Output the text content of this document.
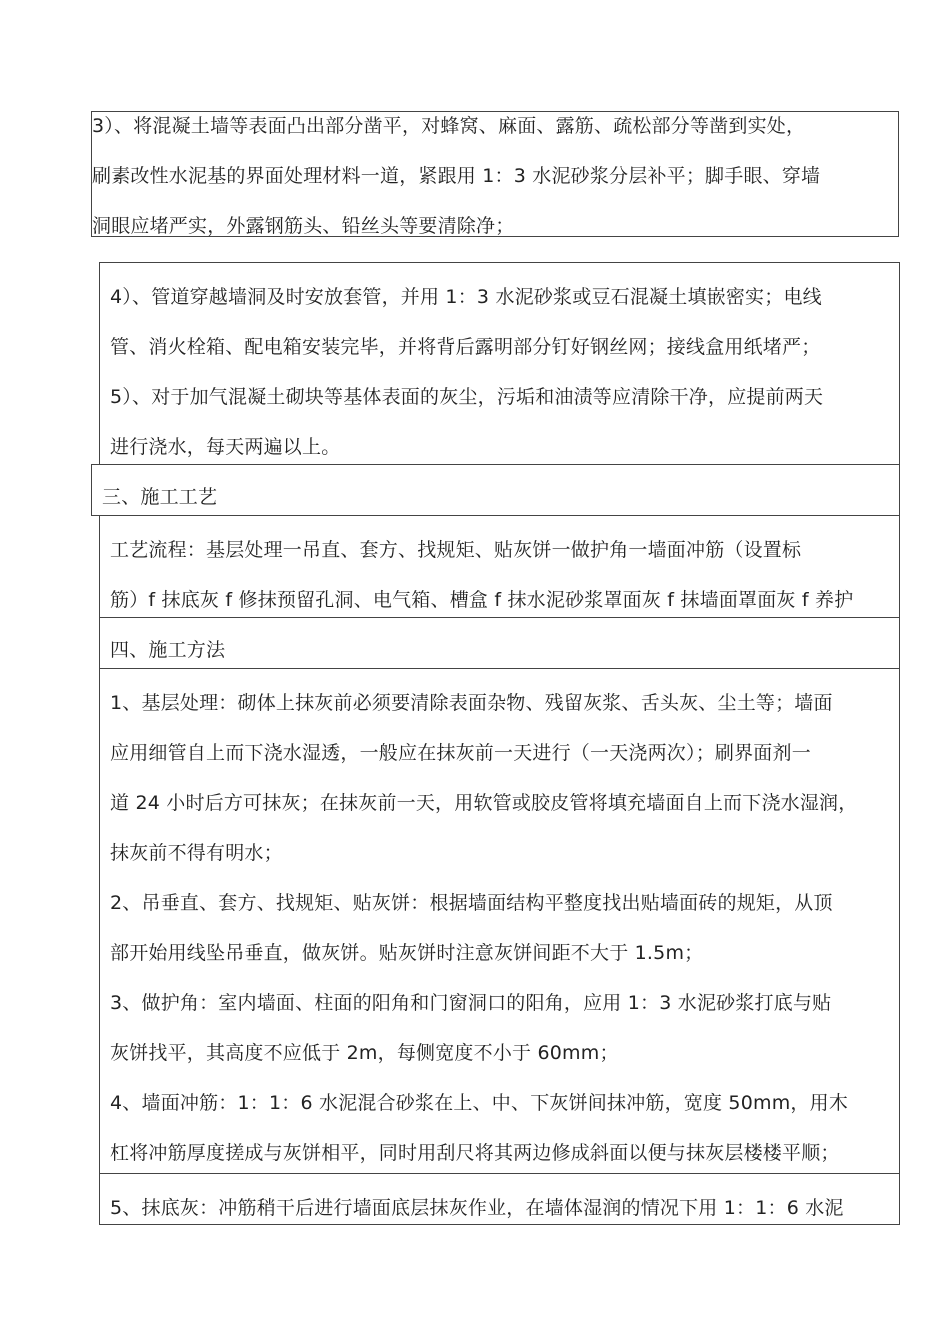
3）、将混凝土墙等表面凸出部分凿平，对蜂窝、麻面、露筋、疏松部分等凿到实处，
刷素改性水泥基的界面处理材料一道，紧跟用 1：3 水泥砂浆分层补平；脚手眼、穿墙
洞眼应堵严实，外露钢筋头、铅丝头等要清除净；
4）、管道穿越墙洞及时安放套管，并用 1：3 水泥砂浆或豆石混凝土填嵌密实；电线
管、消火栓箱、配电箱安装完毕，并将背后露明部分钉好钢丝网；接线盒用纸堵严；
5）、对于加气混凝土砌块等基体表面的灰尘，污垢和油渍等应清除干净，应提前两天
进行浇水，每天两遍以上。
三、施工工艺
工艺流程：基层处理一吊直、套方、找规矩、贴灰饼一做护角一墙面冲筋（设置标
筋）f 抹底灰 f 修抹预留孔洞、电气箱、槽盒 f 抹水泥砂浆罩面灰 f 抹墙面罩面灰 f 养护
四、施工方法
1、基层处理：砌体上抹灰前必须要清除表面杂物、残留灰浆、舌头灰、尘土等；墙面
应用细管自上而下浇水湿透，一般应在抹灰前一天进行（一天浇两次）；刷界面剂一
道 24 小时后方可抹灰；在抹灰前一天，用软管或胶皮管将填充墙面自上而下浇水湿润，
抹灰前不得有明水；
2、吊垂直、套方、找规矩、贴灰饼：根据墙面结构平整度找出贴墙面砖的规矩，从顶
部开始用线坠吊垂直，做灰饼。贴灰饼时注意灰饼间距不大于 1.5m；
3、做护角：室内墙面、柱面的阳角和门窗洞口的阳角，应用 1：3 水泥砂浆打底与贴
灰饼找平，其高度不应低于 2m，每侧宽度不小于 60mm；
4、墙面冲筋：1：1：6 水泥混合砂浆在上、中、下灰饼间抹冲筋，宽度 50mm，用木
杠将冲筋厚度搓成与灰饼相平，同时用刮尺将其两边修成斜面以便与抹灰层楼楼平顺；
5、抹底灰：冲筋稍干后进行墙面底层抹灰作业，在墙体湿润的情况下用 1：1：6 水泥
